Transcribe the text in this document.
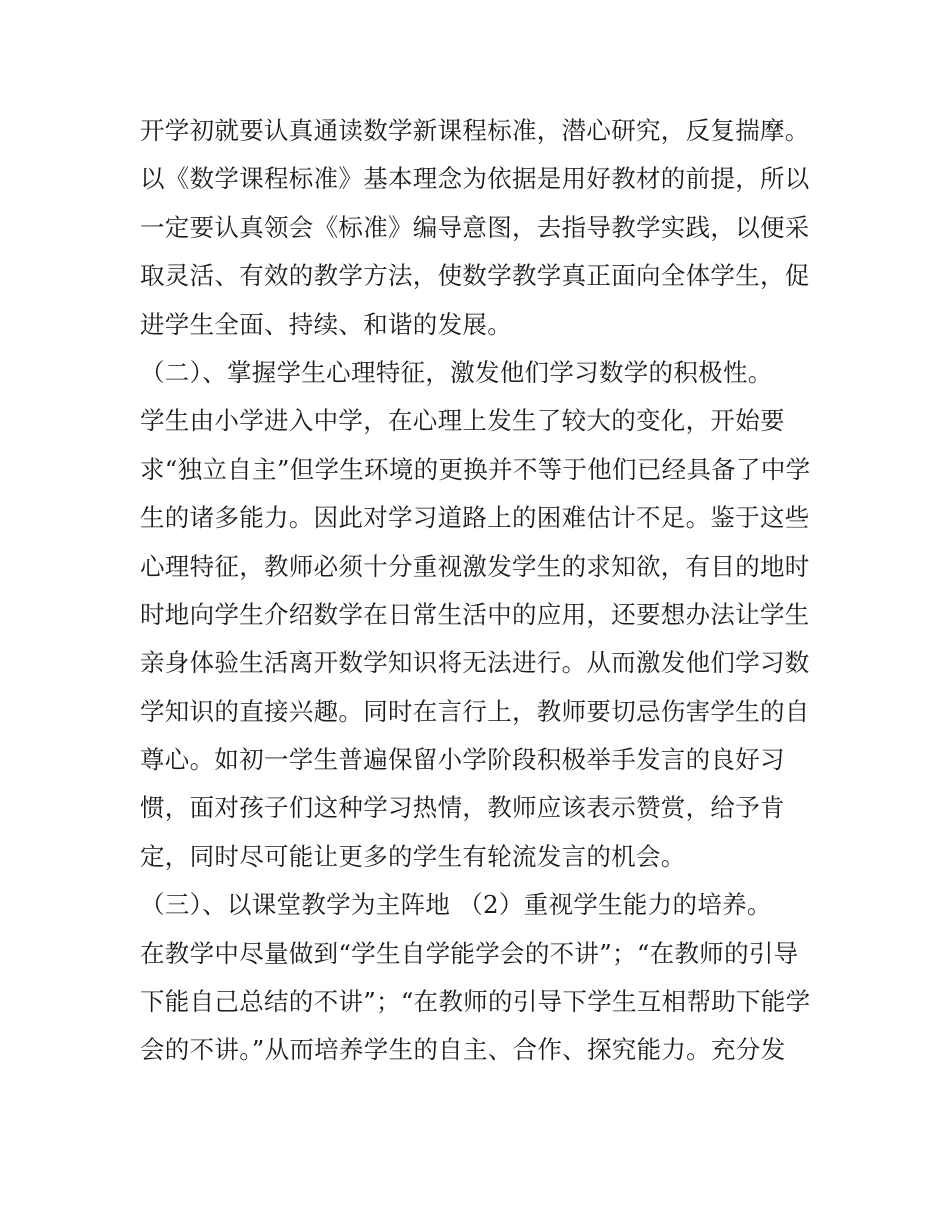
开学初就要认真通读数学新课程标准，潜心研究，反复揣摩。
以《数学课程标准》基本理念为依据是用好教材的前提，所以
一定要认真领会《标准》编导意图，去指导教学实践，以便采
取灵活、有效的教学方法，使数学教学真正面向全体学生，促
进学生全面、持续、和谐的发展。
（二）、掌握学生心理特征，激发他们学习数学的积极性。
学生由小学进入中学，在心理上发生了较大的变化，开始要
求“独立自主”但学生环境的更换并不等于他们已经具备了中学
生的诸多能力。因此对学习道路上的困难估计不足。鉴于这些
心理特征，教师必须十分重视激发学生的求知欲，有目的地时
时地向学生介绍数学在日常生活中的应用，还要想办法让学生
亲身体验生活离开数学知识将无法进行。从而激发他们学习数
学知识的直接兴趣。同时在言行上，教师要切忌伤害学生的自
尊心。如初一学生普遍保留小学阶段积极举手发言的良好习
惯，面对孩子们这种学习热情，教师应该表示赞赏，给予肯
定，同时尽可能让更多的学生有轮流发言的机会。
（三）、以课堂教学为主阵地 （2）重视学生能力的培养。
在教学中尽量做到“学生自学能学会的不讲”；“在教师的引导
下能自己总结的不讲”；“在教师的引导下学生互相帮助下能学
会的不讲。”从而培养学生的自主、合作、探究能力。充分发
